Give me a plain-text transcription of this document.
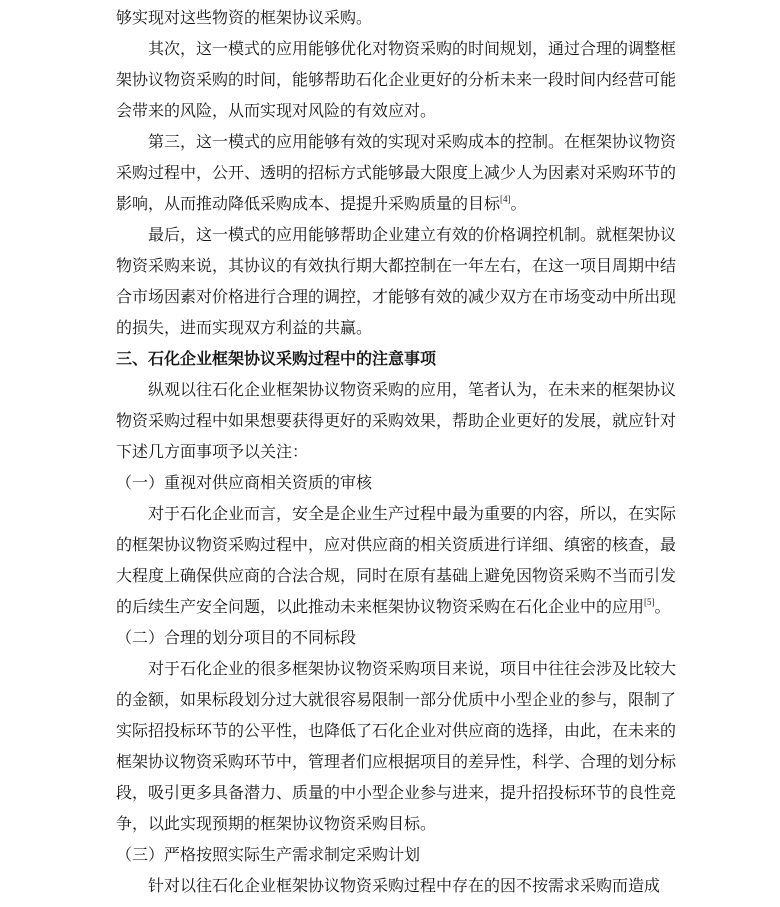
够实现对这些物资的框架协议采购。

其次，这一模式的应用能够优化对物资采购的时间规划，通过合理的调整框架协议物资采购的时间，能够帮助石化企业更好的分析未来一段时间内经营可能会带来的风险，从而实现对风险的有效应对。

第三，这一模式的应用能够有效的实现对采购成本的控制。在框架协议物资采购过程中，公开、透明的招标方式能够最大限度上减少人为因素对采购环节的影响，从而推动降低采购成本、提提升采购质量的目标[4]。

最后，这一模式的应用能够帮助企业建立有效的价格调控机制。就框架协议物资采购来说，其协议的有效执行期大都控制在一年左右，在这一项目周期中结合市场因素对价格进行合理的调控，才能够有效的减少双方在市场变动中所出现的损失，进而实现双方利益的共赢。

三、石化企业框架协议采购过程中的注意事项

纵观以往石化企业框架协议物资采购的应用，笔者认为，在未来的框架协议物资采购过程中如果想要获得更好的采购效果，帮助企业更好的发展，就应针对下述几方面事项予以关注：

（一）重视对供应商相关资质的审核

对于石化企业而言，安全是企业生产过程中最为重要的内容，所以，在实际的框架协议物资采购过程中，应对供应商的相关资质进行详细、缜密的核查，最大程度上确保供应商的合法合规，同时在原有基础上避免因物资采购不当而引发的后续生产安全问题，以此推动未来框架协议物资采购在石化企业中的应用[5]。

（二）合理的划分项目的不同标段

对于石化企业的很多框架协议物资采购项目来说，项目中往往会涉及比较大的金额，如果标段划分过大就很容易限制一部分优质中小型企业的参与，限制了实际招投标环节的公平性，也降低了石化企业对供应商的选择，由此，在未来的框架协议物资采购环节中，管理者们应根据项目的差异性，科学、合理的划分标段，吸引更多具备潜力、质量的中小型企业参与进来，提升招投标环节的良性竞争，以此实现预期的框架协议物资采购目标。

（三）严格按照实际生产需求制定采购计划

针对以往石化企业框架协议物资采购过程中存在的因不按需求采购而造成
